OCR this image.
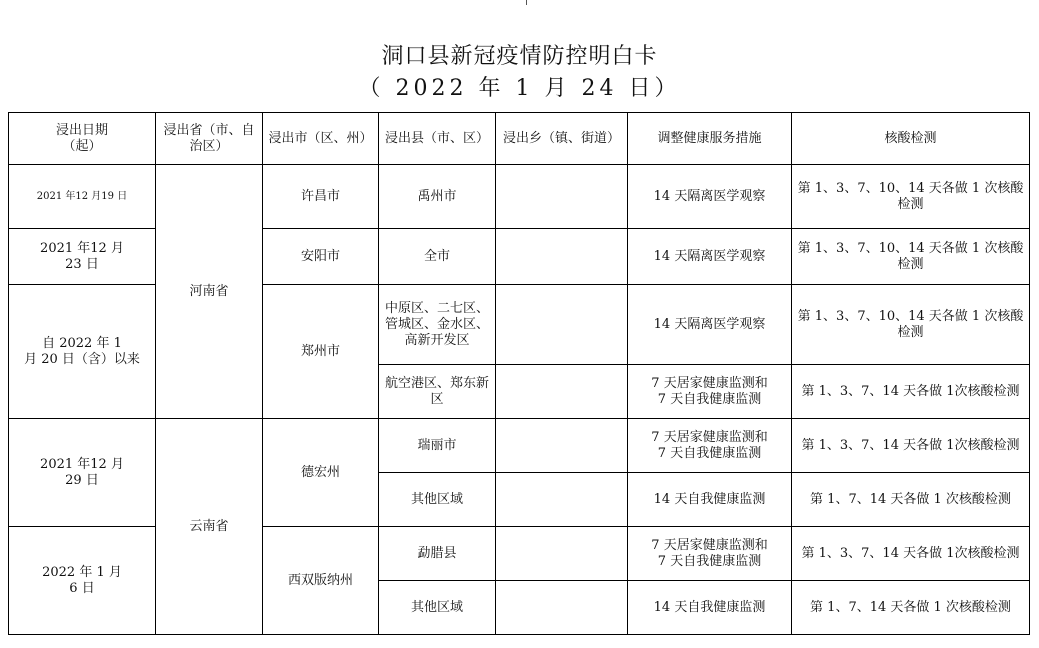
洞口县新冠疫情防控明白卡
（ 2022 年 1 月 24 日）
浸出日期
（起）	浸出省（市、自治区）	浸出市（区、州）	浸出县（市、区）	浸出乡（镇、街道）	调整健康服务措施	核酸检测
2021 年12 月19 日	河南省	许昌市	禹州市		14 天隔离医学观察	第 1、3、7、10、14 天各做 1 次核酸检测
2021 年12 月
23 日		安阳市	全市		14 天隔离医学观察	第 1、3、7、10、14 天各做 1 次核酸检测
自 2022 年 1
月 20 日（含）以来		郑州市	中原区、二七区、管城区、金水区、高新开发区		14 天隔离医学观察	第 1、3、7、10、14 天各做 1 次核酸检测
			航空港区、郑东新区		7 天居家健康监测和
7 天自我健康监测	第 1、3、7、14 天各做 1次核酸检测
2021 年12 月
29 日	云南省	德宏州	瑞丽市		7 天居家健康监测和
7 天自我健康监测	第 1、3、7、14 天各做 1次核酸检测
			其他区域		14 天自我健康监测	第 1、7、14 天各做 1 次核酸检测
2022 年 1 月
6 日		西双版纳州	勐腊县		7 天居家健康监测和
7 天自我健康监测	第 1、3、7、14 天各做 1次核酸检测
			其他区域		14 天自我健康监测	第 1、7、14 天各做 1 次核酸检测
